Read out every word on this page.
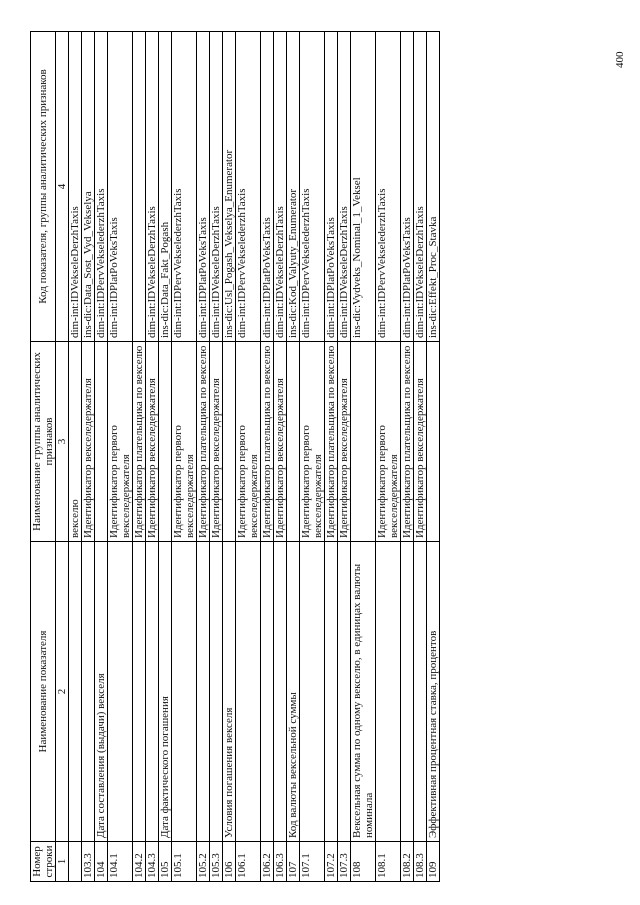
400
Номер строки	Наименование показателя	Наименование группы аналитических признаков	Код показателя, группы аналитических признаков
1	2	3	4
		векселю	dim-int:IDVekseleDerzhTaxis
103.3		Идентификатор векселедержателя	ins-dic:Data_Sost_Vyd_Vekselya
104	Дата составления (выдачи) векселя		dim-int:IDPervVekselederzhTaxis
104.1		Идентификатор первого векселедержателя	dim-int:IDPlatPoVeksTaxis
104.2		Идентификатор плательщика по векселю	
104.3		Идентификатор векселедержателя	dim-int:IDVekseleDerzhTaxis
105	Дата фактического погашения		ins-dic:Data_Fakt_Pogash
105.1		Идентификатор первого векселедержателя	dim-int:IDPervVekselederzhTaxis
105.2		Идентификатор плательщика по векселю	dim-int:IDPlatPoVeksTaxis
105.3		Идентификатор векселедержателя	dim-int:IDVekseleDerzhTaxis
106	Условия погашения векселя		ins-dic:Usl_Pogash_Vekselya_Enumerator
106.1		Идентификатор первого векселедержателя	dim-int:IDPervVekselederzhTaxis
106.2		Идентификатор плательщика по векселю	dim-int:IDPlatPoVeksTaxis
106.3		Идентификатор векселедержателя	dim-int:IDVekseleDerzhTaxis
107	Код валюты вексельной суммы		ins-dic:Kod_Valyuty_Enumerator
107.1		Идентификатор первого векселедержателя	dim-int:IDPervVekselederzhTaxis
107.2		Идентификатор плательщика по векселю	dim-int:IDPlatPoVeksTaxis
107.3		Идентификатор векселедержателя	dim-int:IDVekseleDerzhTaxis
108	Вексельная сумма по одному векселю, в единицах валюты номинала		ins-dic:Vydveks_Nominal_1_Veksel
108.1		Идентификатор первого векселедержателя	dim-int:IDPervVekselederzhTaxis
108.2		Идентификатор плательщика по векселю	dim-int:IDPlatPoVeksTaxis
108.3		Идентификатор векселедержателя	dim-int:IDVekseleDerzhTaxis
109	Эффективная процентная ставка, процентов		ins-dic:Effekt_Proc_Stavka
